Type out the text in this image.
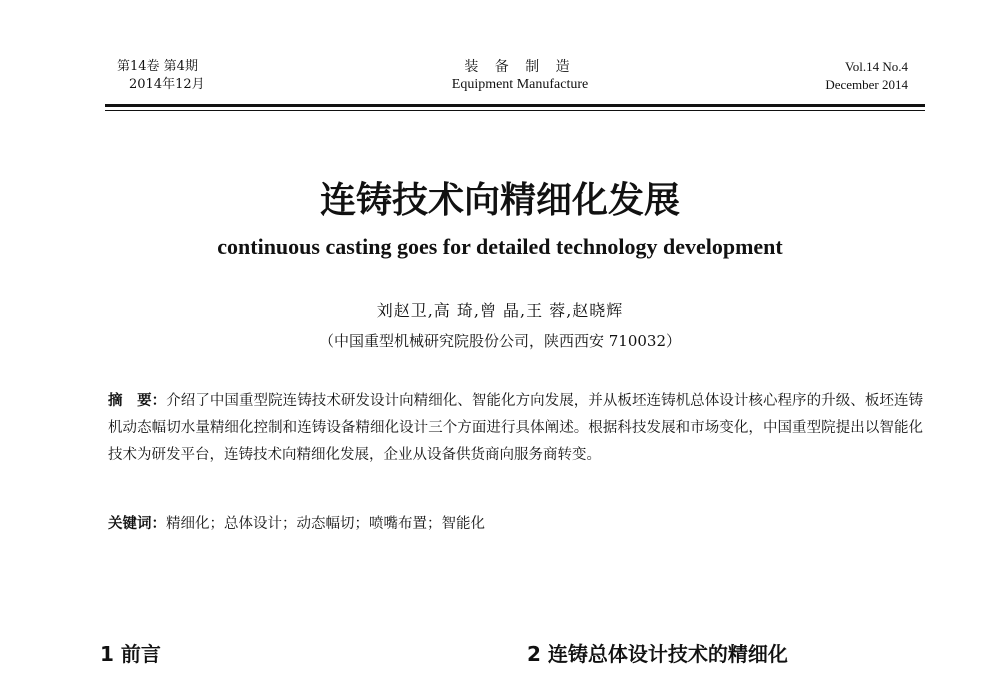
第14卷 第4期
2014年12月
装 备 制 造
Equipment Manufacture
Vol.14 No.4
December 2014
连铸技术向精细化发展
continuous casting goes for detailed technology development
刘赵卫,高 琦,曾 晶,王 蓉,赵晓辉
（中国重型机械研究院股份公司，陕西西安 710032）
摘　要：介绍了中国重型院连铸技术研发设计向精细化、智能化方向发展，并从板坯连铸机总体设计核心程序的升级、板坯连铸机动态幅切水量精细化控制和连铸设备精细化设计三个方面进行具体阐述。根据科技发展和市场变化，中国重型院提出以智能化技术为研发平台，连铸技术向精细化发展，企业从设备供货商向服务商转变。
关键词：精细化；总体设计；动态幅切；喷嘴布置；智能化
1 前言	2 连铸总体设计技术的精细化
